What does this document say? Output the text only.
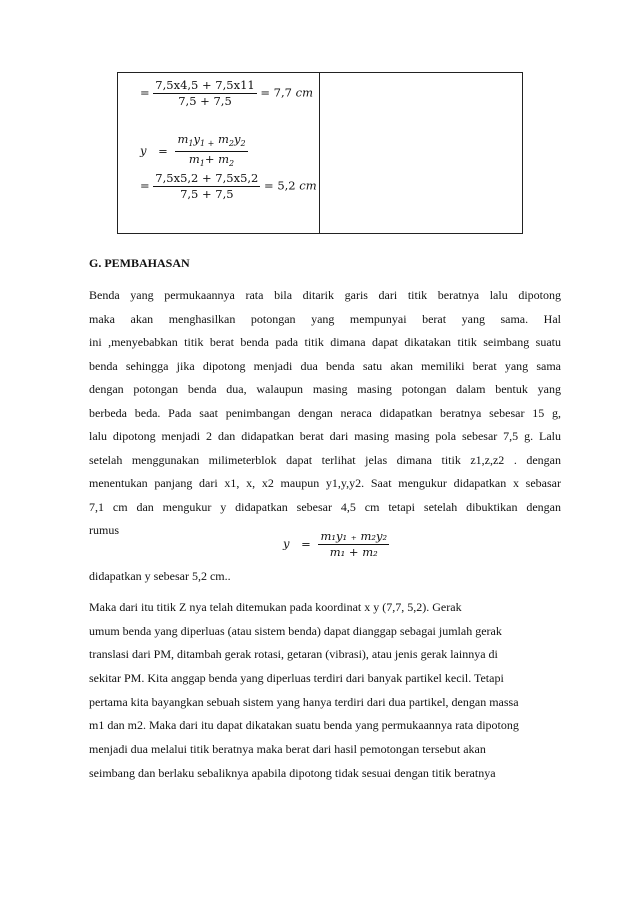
= $\frac{7,5x4,5 + 7,5x11}{7,5 + 7,5} = 7,7$ cm
$y = \frac{m_1y_{1 +} m_2y_2}{m_1+ m_2}$
= $\frac{7,5x5,2 + 7,5x5,2}{7,5 + 7,5} = 5,2$ cm
G. PEMBAHASAN
Benda yang permukaannya rata bila ditarik garis dari titik beratnya lalu dipotong
maka akan menghasilkan potongan yang mempunyai berat yang sama. Hal
ini ,menyebabkan titik berat benda pada titik dimana dapat dikatakan titik seimbang suatu
benda sehingga jika dipotong menjadi dua benda satu akan memiliki berat yang sama
dengan potongan benda dua, walaupun masing masing potongan dalam bentuk yang
berbeda beda. Pada saat penimbangan dengan neraca didapatkan beratnya sebesar 15 g,
lalu dipotong menjadi 2 dan didapatkan berat dari masing masing pola sebesar 7,5 g. Lalu
setelah menggunakan milimeterblok dapat terlihat jelas dimana titik z1,z,z2 . dengan
menentukan panjang dari x1, x, x2 maupun y1,y,y2. Saat mengukur didapatkan x sebasar
7,1 cm dan mengukur y didapatkan sebesar 4,5 cm tetapi setelah dibuktikan dengan
rumus
$y = \frac{\text{m₁y₁ ₊ m₂y₂}}{\text{m₁ + m₂}}$
didapatkan y sebesar 5,2 cm..
Maka dari itu titik Z nya telah ditemukan pada koordinat x y (7,7, 5,2). Gerak
umum benda yang diperluas (atau sistem benda) dapat dianggap sebagai jumlah gerak
translasi dari PM, ditambah gerak rotasi, getaran (vibrasi), atau jenis gerak lainnya di
sekitar PM. Kita anggap benda yang diperluas terdiri dari banyak partikel kecil. Tetapi
pertama kita bayangkan sebuah sistem yang hanya terdiri dari dua partikel, dengan massa
m1 dan m2. Maka dari itu dapat dikatakan suatu benda yang permukaannya rata dipotong
menjadi dua melalui titik beratnya maka berat dari hasil pemotongan tersebut akan
seimbang dan berlaku sebaliknya apabila dipotong tidak sesuai dengan titik beratnya
